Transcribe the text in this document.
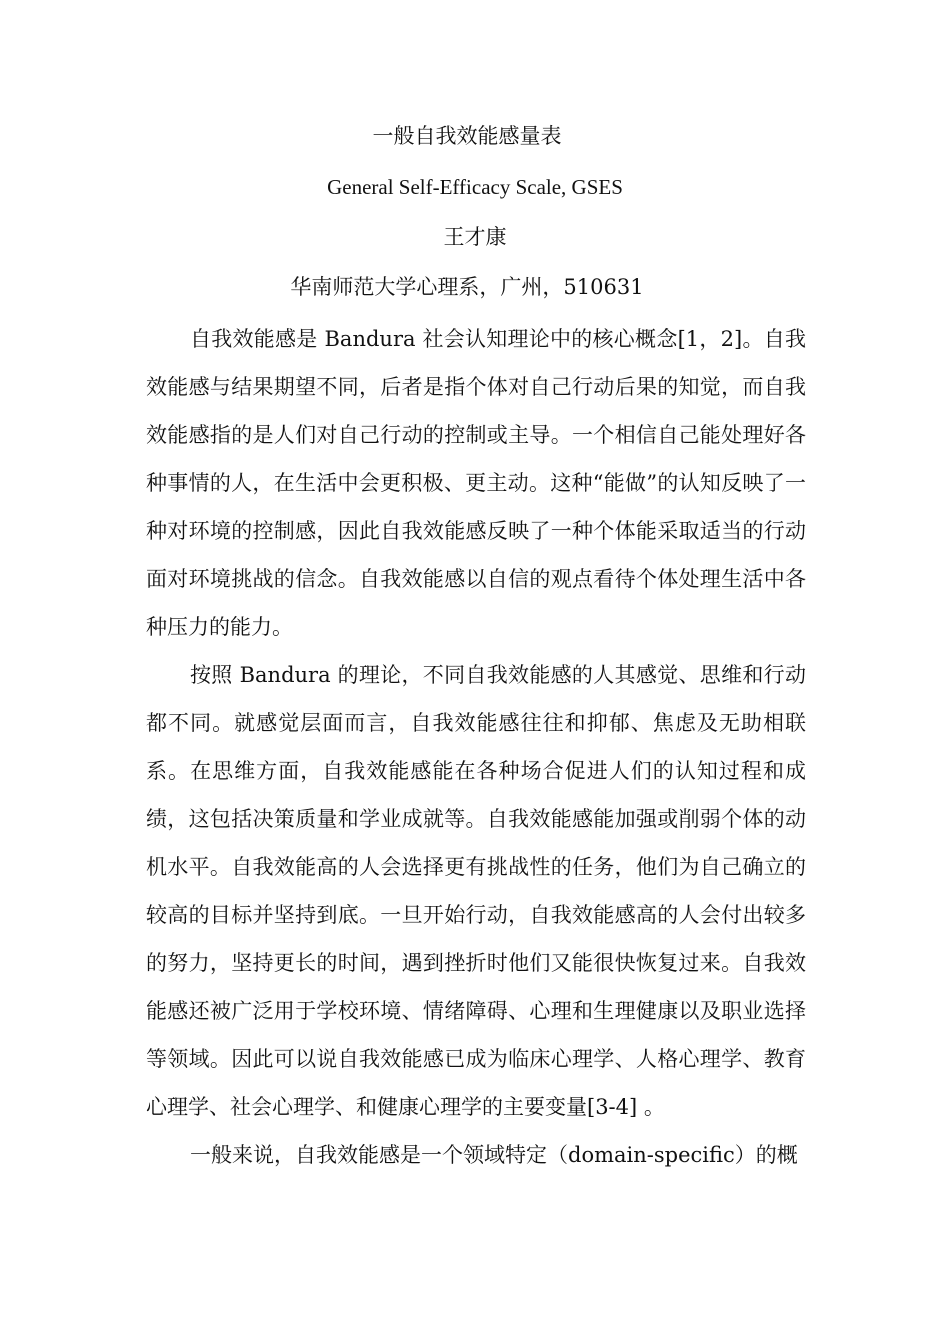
一般自我效能感量表
General Self-Efficacy Scale, GSES
王才康
华南师范大学心理系，广州，510631

自我效能感是 Bandura 社会认知理论中的核心概念[1，2]。自我效能感与结果期望不同，后者是指个体对自己行动后果的知觉，而自我效能感指的是人们对自己行动的控制或主导。一个相信自己能处理好各种事情的人，在生活中会更积极、更主动。这种“能做”的认知反映了一种对环境的控制感，因此自我效能感反映了一种个体能采取适当的行动面对环境挑战的信念。自我效能感以自信的观点看待个体处理生活中各种压力的能力。

按照 Bandura 的理论，不同自我效能感的人其感觉、思维和行动都不同。就感觉层面而言，自我效能感往往和抑郁、焦虑及无助相联系。在思维方面，自我效能感能在各种场合促进人们的认知过程和成绩，这包括决策质量和学业成就等。自我效能感能加强或削弱个体的动机水平。自我效能高的人会选择更有挑战性的任务，他们为自己确立的较高的目标并坚持到底。一旦开始行动，自我效能感高的人会付出较多的努力，坚持更长的时间，遇到挫折时他们又能很快恢复过来。自我效能感还被广泛用于学校环境、情绪障碍、心理和生理健康以及职业选择等领域。因此可以说自我效能感已成为临床心理学、人格心理学、教育心理学、社会心理学、和健康心理学的主要变量[3-4] 。

一般来说，自我效能感是一个领域特定（domain-specific）的概
